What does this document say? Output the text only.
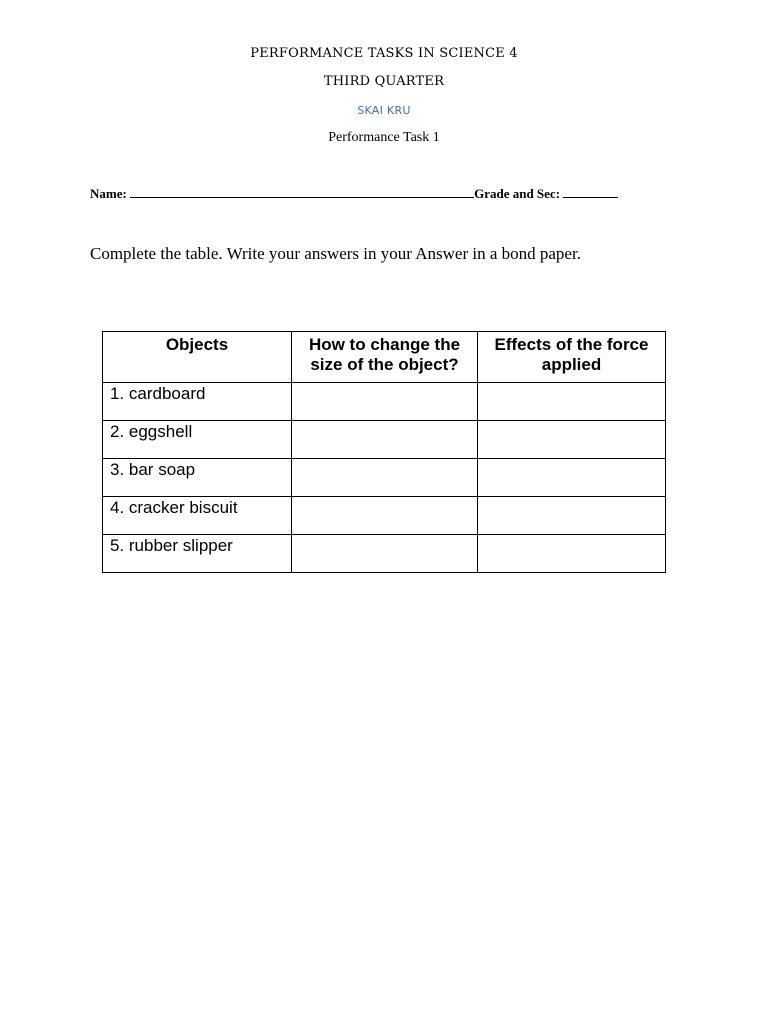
PERFORMANCE TASKS IN SCIENCE 4
THIRD QUARTER
SKAI KRU
Performance Task 1
Name:	Grade and Sec:
Complete the table. Write your answers in your Answer in a bond paper.
Objects	How to change the size of the object?	Effects of the force applied
1. cardboard		
2. eggshell		
3. bar soap		
4. cracker biscuit		
5. rubber slipper		
